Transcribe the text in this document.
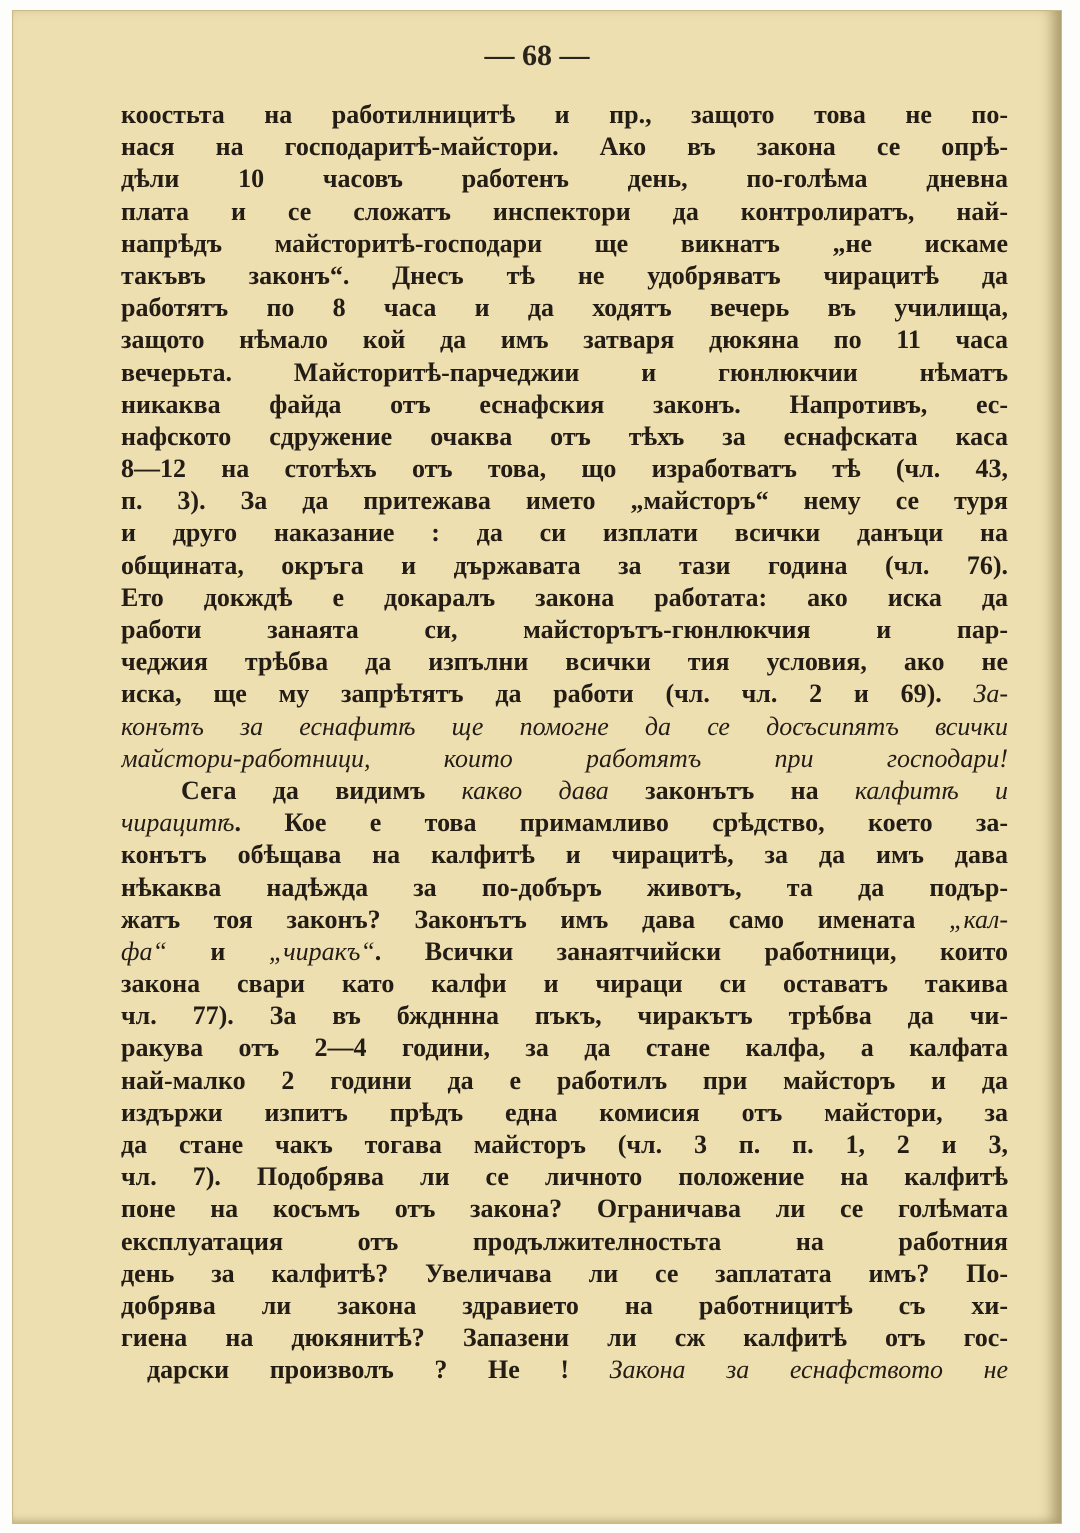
— 68 —
коостьта на работилницитѣ и пр., защото това не по-
нася на господаритѣ-майстори. Ако въ закона се опрѣ-
дѣли 10 часовъ работенъ день, по-голѣма дневна
плата и се сложатъ инспектори да контролиратъ, най-
напрѣдъ майсторитѣ-господари ще викнатъ „не искаме
такъвъ законъ“. Днесъ тѣ не удобряватъ чирацитѣ да
работятъ по 8 часа и да ходятъ вечерь въ училища,
защото нѣмало кой да имъ затваря дюкяна по 11 часа
вечерьта. Майсторитѣ-парчеджии и гюнлюкчии нѣматъ
никаква файда отъ еснафския законъ. Напротивъ, ес-
нафското сдружение очаква отъ тѣхъ за еснафската каса
8—12 на стотѣхъ отъ това, що изработватъ тѣ (чл. 43,
п. 3). За да притежава името „майсторъ“ нему се туря
и друго наказание : да си изплати всички данъци на
общината, окръга и държавата за тази година (чл. 76).
Ето докждѣ е докаралъ закона работата: ако иска да
работи занаята си, майсторътъ-гюнлюкчия и пар-
чеджия трѣбва да изпълни всички тия условия, ако не
иска, ще му запрѣтятъ да работи (чл. чл. 2 и 69). За-
конътъ за еснафитѣ ще помогне да се досъсипятъ всички
майстори-работници, които работятъ при господари!
Сега да видимъ какво дава законътъ на калфитѣ и
чирацитѣ. Кое е това примамливо срѣдство, което за-
конътъ обѣщава на калфитѣ и чирацитѣ, за да имъ дава
нѣкаква надѣжда за по-добъръ животъ, та да подър-
жатъ тоя законъ? Законътъ имъ дава само имената „кал-
фа“ и „чиракъ“. Всички занаятчийски работници, които
закона свари като калфи и чираци си оставатъ такива
чл. 77). За въ бждннна пъкъ, чиракътъ трѣбва да чи-
ракува отъ 2—4 години, за да стане калфа, а калфата
най-малко 2 години да е работилъ при майсторъ и да
издържи изпитъ прѣдъ една комисия отъ майстори, за
да стане чакъ тогава майсторъ (чл. 3 п. п. 1, 2 и 3,
чл. 7). Подобрява ли се личното положение на калфитѣ
поне на косъмъ отъ закона? Ограничава ли се голѣмата
експлуатация отъ продължителностьта на работния
день за калфитѣ? Увеличава ли се заплатата имъ? По-
добрява ли закона здравието на работницитѣ съ хи-
гиена на дюкянитѣ? Запазени ли сж калфитѣ отъ гос-
дарски произволъ ? Не ! Закона за еснафството не
